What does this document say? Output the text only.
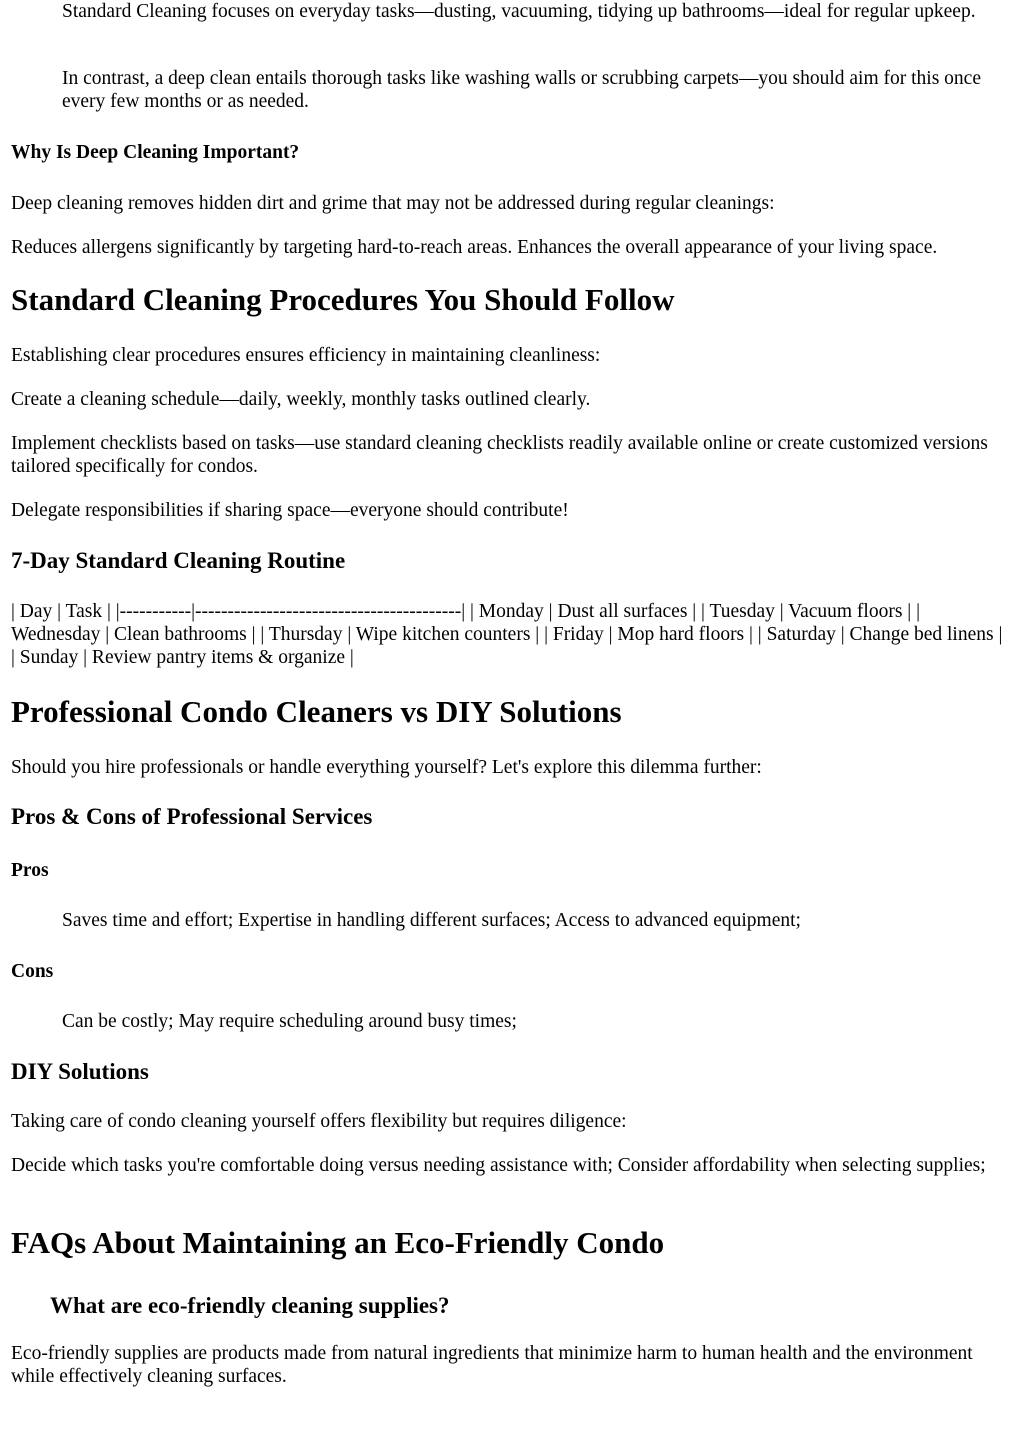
Standard Cleaning focuses on everyday tasks—dusting, vacuuming, tidying up bathrooms—ideal for regular upkeep.

In contrast, a deep clean entails thorough tasks like washing walls or scrubbing carpets—you should aim for this once every few months or as needed.

Why Is Deep Cleaning Important?

Deep cleaning removes hidden dirt and grime that may not be addressed during regular cleanings:

Reduces allergens significantly by targeting hard-to-reach areas. Enhances the overall appearance of your living space.

Standard Cleaning Procedures You Should Follow

Establishing clear procedures ensures efficiency in maintaining cleanliness:

Create a cleaning schedule—daily, weekly, monthly tasks outlined clearly.

Implement checklists based on tasks—use standard cleaning checklists readily available online or create customized versions tailored specifically for condos.

Delegate responsibilities if sharing space—everyone should contribute!

7-Day Standard Cleaning Routine

| Day | Task | |-----------|-----------------------------------------| | Monday | Dust all surfaces | | Tuesday | Vacuum floors | | Wednesday | Clean bathrooms | | Thursday | Wipe kitchen counters | | Friday | Mop hard floors | | Saturday | Change bed linens | | Sunday | Review pantry items & organize |

Professional Condo Cleaners vs DIY Solutions

Should you hire professionals or handle everything yourself? Let's explore this dilemma further:

Pros & Cons of Professional Services
Pros

Saves time and effort; Expertise in handling different surfaces; Access to advanced equipment;

Cons

Can be costly; May require scheduling around busy times;

DIY Solutions

Taking care of condo cleaning yourself offers flexibility but requires diligence:

Decide which tasks you're comfortable doing versus needing assistance with; Consider affordability when selecting supplies;

FAQs About Maintaining an Eco-Friendly Condo
What are eco-friendly cleaning supplies?

Eco-friendly supplies are products made from natural ingredients that minimize harm to human health and the environment while effectively cleaning surfaces.
